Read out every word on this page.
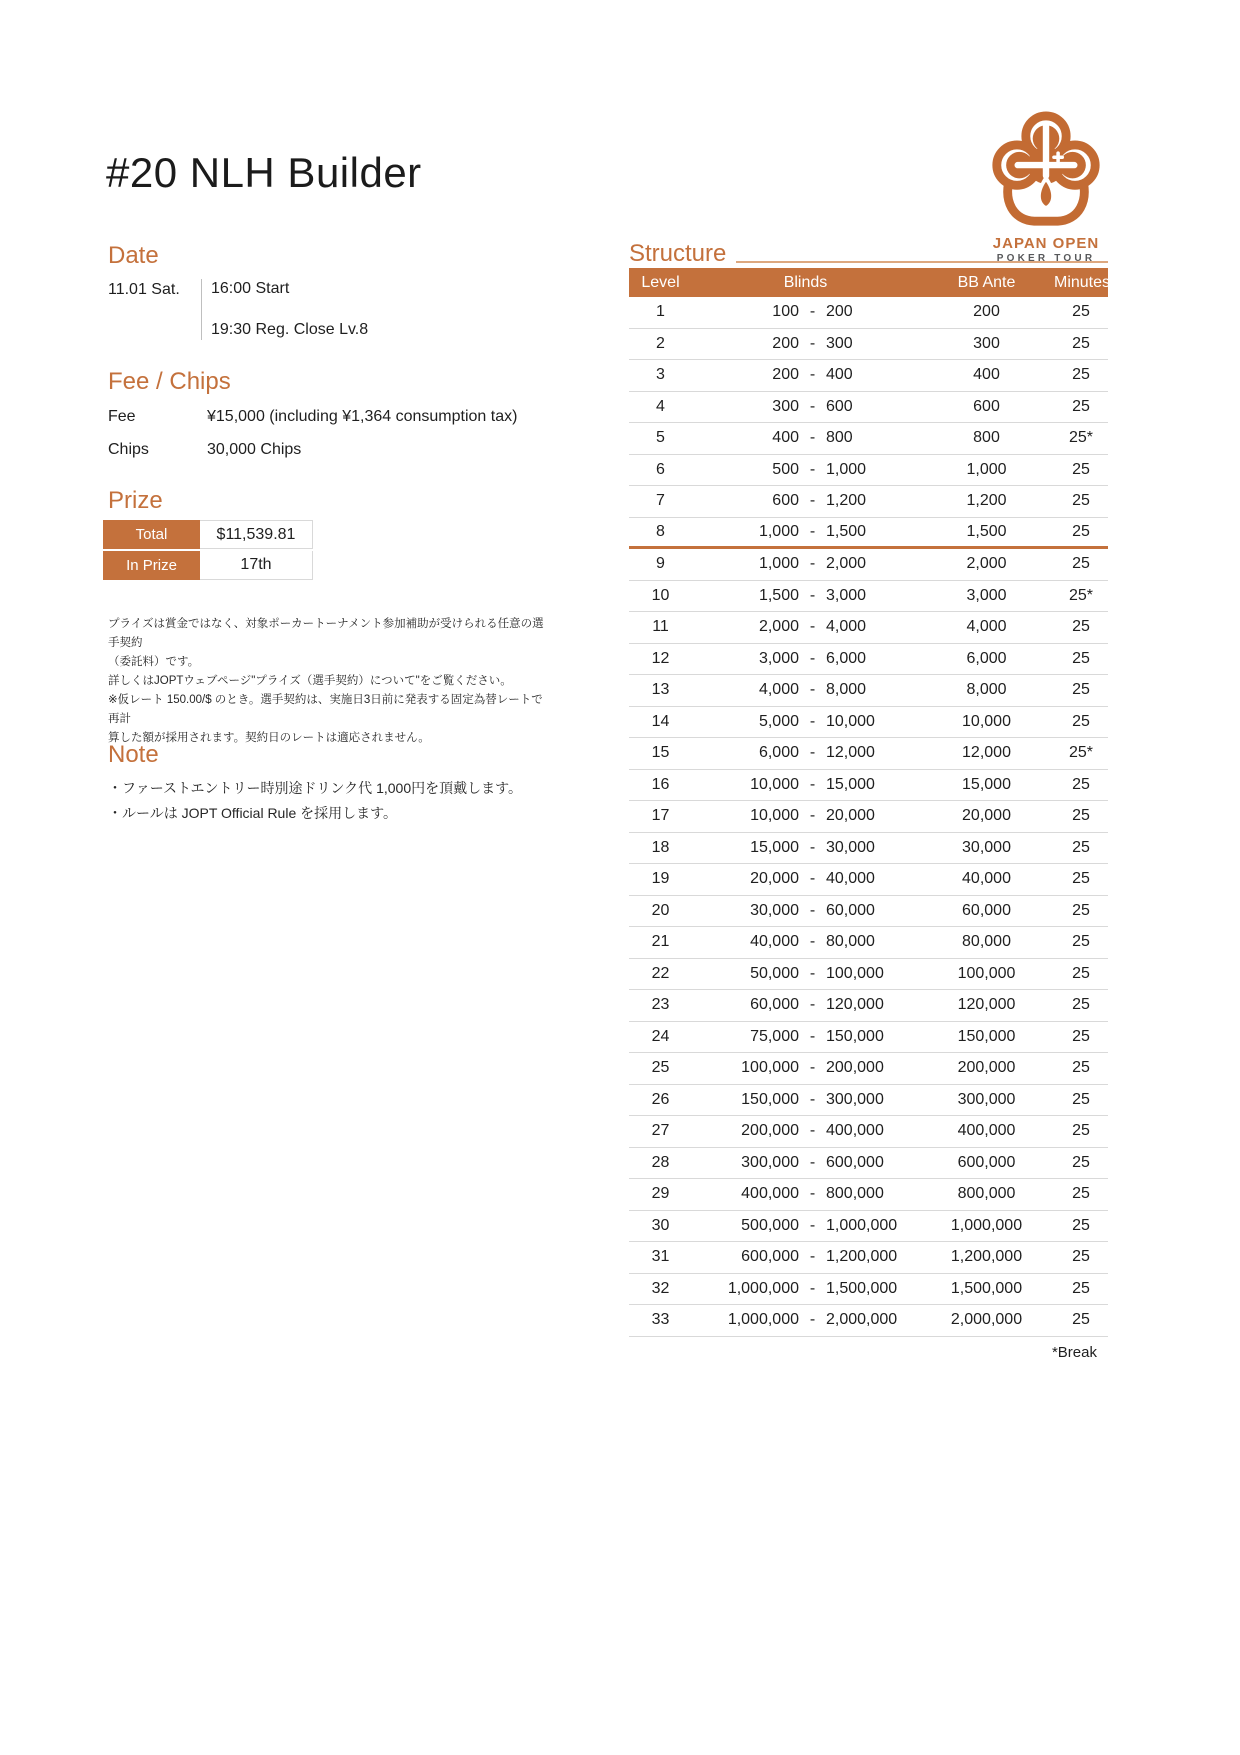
#20 NLH Builder
JAPAN OPEN
POKER TOUR
Date
11.01 Sat.	16:00 Start
19:30 Reg. Close Lv.8
Fee / Chips
Fee	¥15,000 (including ¥1,364 consumption tax)
Chips	30,000 Chips
Prize
Total	$11,539.81
In Prize	17th
プライズは賞金ではなく、対象ポーカートーナメント参加補助が受けられる任意の選手契約
（委託料）です。
詳しくはJOPTウェブページ"プライズ（選手契約）について"をご覧ください。
※仮レート 150.00/$ のとき。選手契約は、実施日3日前に発表する固定為替レートで再計
算した額が採用されます。契約日のレートは適応されません。
Note
・ファーストエントリー時別途ドリンク代 1,000円を頂戴します。
・ルールは JOPT Official Rule を採用します。
Structure
Level	Blinds	BB Ante	Minutes
1	100 - 200	200	25
2	200 - 300	300	25
3	200 - 400	400	25
4	300 - 600	600	25
5	400 - 800	800	25*
6	500 - 1,000	1,000	25
7	600 - 1,200	1,200	25
8	1,000 - 1,500	1,500	25
9	1,000 - 2,000	2,000	25
10	1,500 - 3,000	3,000	25*
11	2,000 - 4,000	4,000	25
12	3,000 - 6,000	6,000	25
13	4,000 - 8,000	8,000	25
14	5,000 - 10,000	10,000	25
15	6,000 - 12,000	12,000	25*
16	10,000 - 15,000	15,000	25
17	10,000 - 20,000	20,000	25
18	15,000 - 30,000	30,000	25
19	20,000 - 40,000	40,000	25
20	30,000 - 60,000	60,000	25
21	40,000 - 80,000	80,000	25
22	50,000 - 100,000	100,000	25
23	60,000 - 120,000	120,000	25
24	75,000 - 150,000	150,000	25
25	100,000 - 200,000	200,000	25
26	150,000 - 300,000	300,000	25
27	200,000 - 400,000	400,000	25
28	300,000 - 600,000	600,000	25
29	400,000 - 800,000	800,000	25
30	500,000 - 1,000,000	1,000,000	25
31	600,000 - 1,200,000	1,200,000	25
32	1,000,000 - 1,500,000	1,500,000	25
33	1,000,000 - 2,000,000	2,000,000	25
*Break
